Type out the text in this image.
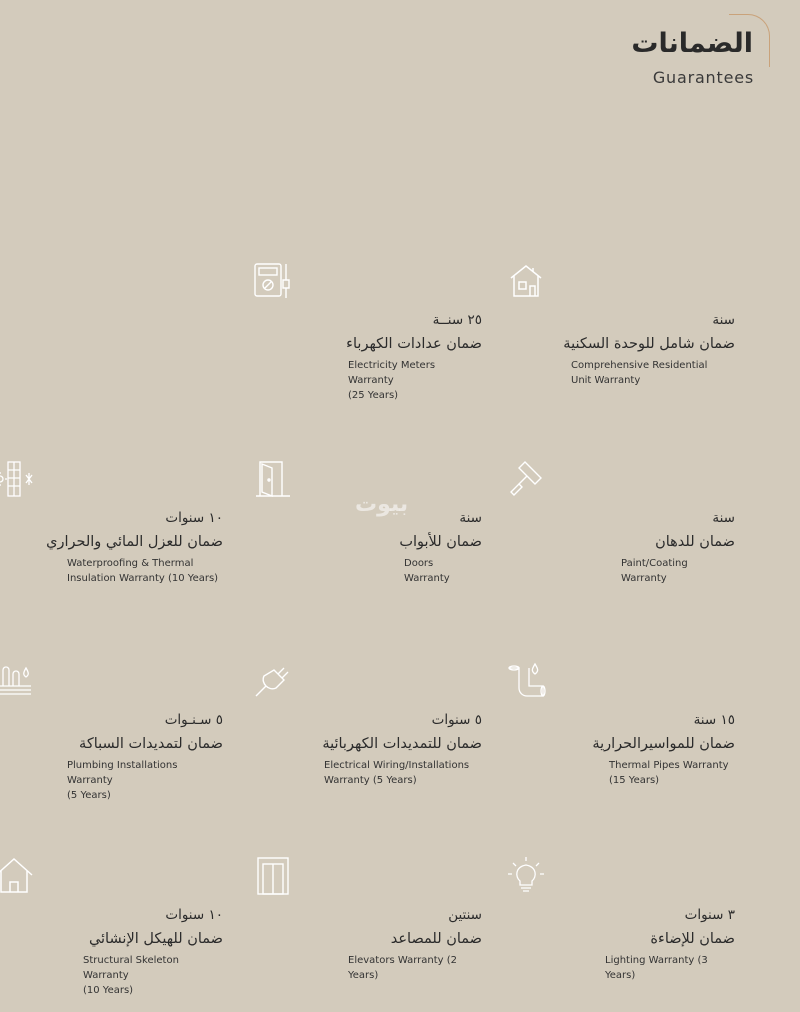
الضمانات
Guarantees
بيوت
سنة
ضمان شامل للوحدة السكنية
Comprehensive Residential
Unit Warranty
٢٥ سنــة
ضمان عدادات الكهرباء
Electricity Meters Warranty
(25 Years)
سنة
ضمان للدهان
Paint/Coating Warranty
سنة
ضمان للأبواب
Doors Warranty
١٠ سنوات
ضمان للعزل المائي والحراري
Waterproofing & Thermal
Insulation Warranty (10 Years)
١٥ سنة
ضمان للمواسيرالحرارية
Thermal Pipes Warranty
(15 Years)
٥ سنوات
ضمان للتمديدات الكهربائية
Electrical Wiring/Installations
Warranty (5 Years)
٥ سـنـوات
ضمان لتمديدات السباكة
Plumbing Installations Warranty
(5 Years)
٣ سنوات
ضمان للإضاءة
Lighting Warranty (3 Years)
سنتين
ضمان للمصاعد
Elevators Warranty (2 Years)
١٠ سنوات
ضمان للهيكل الإنشائي
Structural Skeleton Warranty
(10 Years)
